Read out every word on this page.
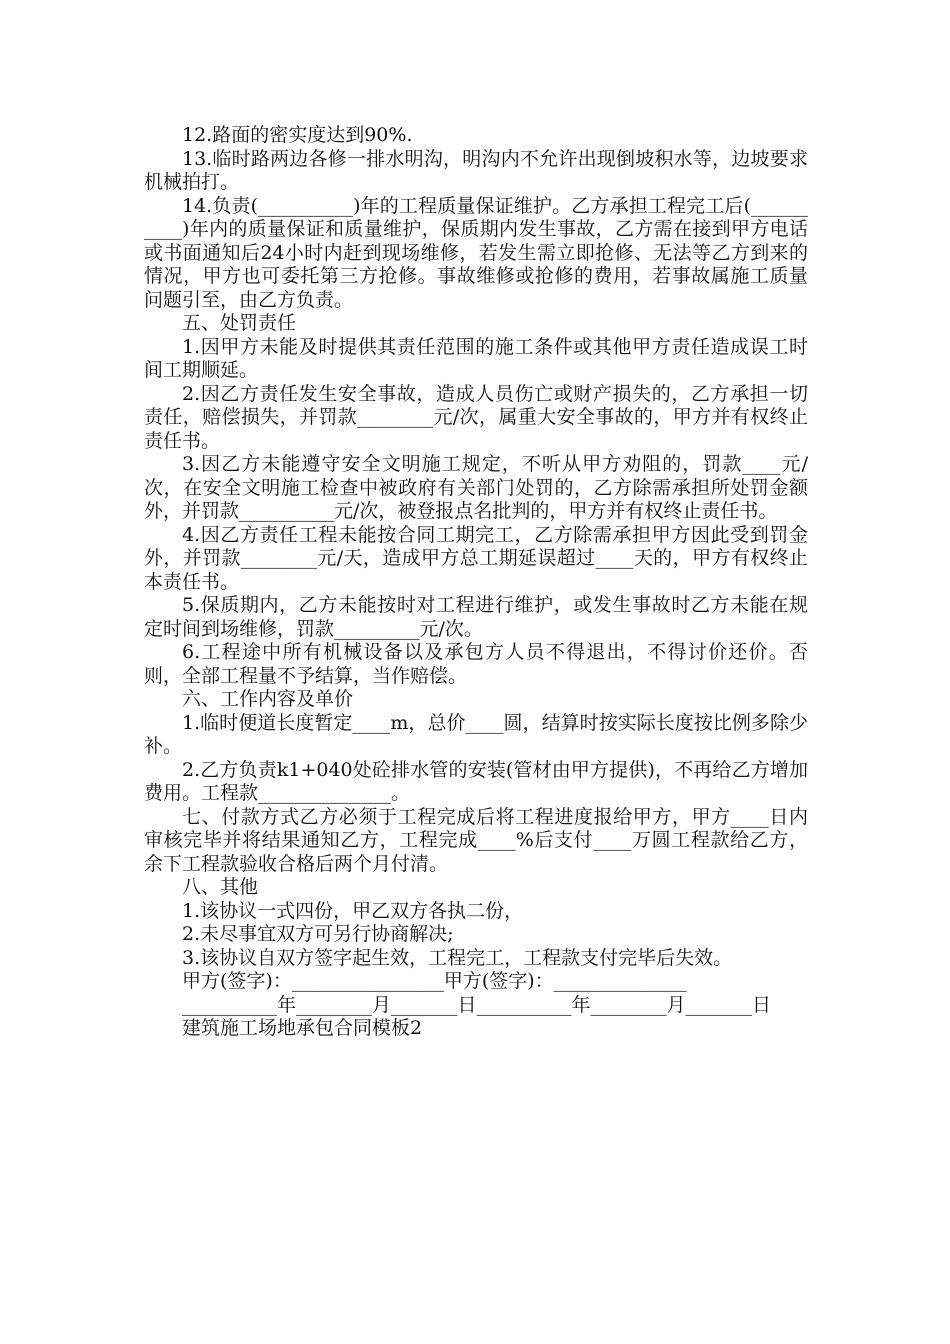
12.路面的密实度达到90%.

13.临时路两边各修一排水明沟，明沟内不允许出现倒坡积水等，边坡要求机械拍打。

14.负责(__________)年的工程质量保证维护。乙方承担工程完工后(__________)年内的质量保证和质量维护，保质期内发生事故，乙方需在接到甲方电话或书面通知后24小时内赶到现场维修，若发生需立即抢修、无法等乙方到来的情况，甲方也可委托第三方抢修。事故维修或抢修的费用，若事故属施工质量问题引至，由乙方负责。

五、处罚责任

1.因甲方未能及时提供其责任范围的施工条件或其他甲方责任造成误工时间工期顺延。

2.因乙方责任发生安全事故，造成人员伤亡或财产损失的，乙方承担一切责任，赔偿损失，并罚款________元/次，属重大安全事故的，甲方并有权终止责任书。

3.因乙方未能遵守安全文明施工规定，不听从甲方劝阻的，罚款____元/次，在安全文明施工检查中被政府有关部门处罚的，乙方除需承担所处罚金额外，并罚款__________元/次，被登报点名批判的，甲方并有权终止责任书。

4.因乙方责任工程未能按合同工期完工，乙方除需承担甲方因此受到罚金外，并罚款________元/天，造成甲方总工期延误超过____天的，甲方有权终止本责任书。

5.保质期内，乙方未能按时对工程进行维护，或发生事故时乙方未能在规定时间到场维修，罚款_________元/次。

6.工程途中所有机械设备以及承包方人员不得退出，不得讨价还价。否则，全部工程量不予结算，当作赔偿。

六、工作内容及单价

1.临时便道长度暂定____m，总价____圆，结算时按实际长度按比例多除少补。

2.乙方负责k1+040处砼排水管的安装(管材由甲方提供)，不再给乙方增加费用。工程款______________。

七、付款方式乙方必须于工程完成后将工程进度报给甲方，甲方____日内审核完毕并将结果通知乙方，工程完成____%后支付____万圆工程款给乙方，余下工程款验收合格后两个月付清。

八、其他

1.该协议一式四份，甲乙双方各执二份，

2.未尽事宜双方可另行协商解决;

3.该协议自双方签字起生效，工程完工，工程款支付完毕后失效。

甲方(签字)：________________甲方(签字)：______________

__________年________月_______日__________年________月_______日

建筑施工场地承包合同模板2
